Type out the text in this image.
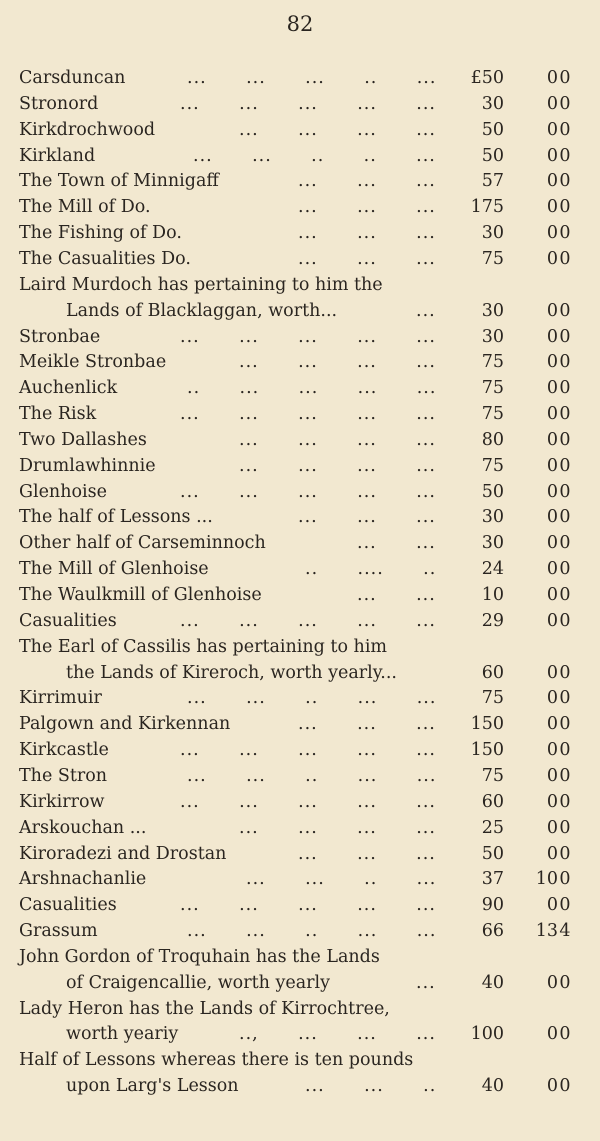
82
Carsduncan	...      ...      ...      ..      ...	£50	0 0
Stronord	...      ...      ...      ...      ...	30	0 0
Kirkdrochwood	...      ...      ...      ...	50	0 0
Kirkland	...      ...      ..      ..      ...	50	0 0
The Town of Minnigaff	...      ...      ...	57	0 0
The Mill of Do.	...      ...      ...	175	0 0
The Fishing of Do.	...      ...      ...	30	0 0
The Casualities Do.	...      ...      ...	75	0 0
Laird Murdoch has pertaining to him the
Lands of Blacklaggan, worth...	...	30	0 0
Stronbae	...      ...      ...      ...      ...	30	0 0
Meikle Stronbae	...      ...      ...      ...	75	0 0
Auchenlick	..      ...      ...      ...      ...	75	0 0
The Risk	...      ...      ...      ...      ...	75	0 0
Two Dallashes	...      ...      ...      ...	80	0 0
Drumlawhinnie	...      ...      ...      ...	75	0 0
Glenhoise	...      ...      ...      ...      ...	50	0 0
The half of Lessons ...	...      ...      ...	30	0 0
Other half of Carseminnoch	...      ...	30	0 0
The Mill of Glenhoise	..      ....      ..	24	0 0
The Waulkmill of Glenhoise	...      ...	10	0 0
Casualities	...      ...      ...      ...      ...	29	0 0
The Earl of Cassilis has pertaining to him
the Lands of Kireroch, worth yearly...	60	0 0
Kirrimuir	...      ...      ..      ...      ...	75	0 0
Palgown and Kirkennan	...      ...      ...	150	0 0
Kirkcastle	...      ...      ...      ...      ...	150	0 0
The Stron	...      ...      ..      ...      ...	75	0 0
Kirkirrow	...      ...      ...      ...      ...	60	0 0
Arskouchan ...	...      ...      ...      ...	25	0 0
Kiroradezi and Drostan	...      ...      ...	50	0 0
Arshnachanlie	...      ...      ..      ...	37	10 0
Casualities	...      ...      ...      ...      ...	90	0 0
Grassum	...      ...      ..      ...      ...	66	13 4
John Gordon of Troquhain has the Lands
of Craigencallie, worth yearly	...	40	0 0
Lady Heron has the Lands of Kirrochtree,
worth yeariy	..,      ...      ...      ...	100	0 0
Half of Lessons whereas there is ten pounds
upon Larg's Lesson	...      ...      ..	40	0 0
